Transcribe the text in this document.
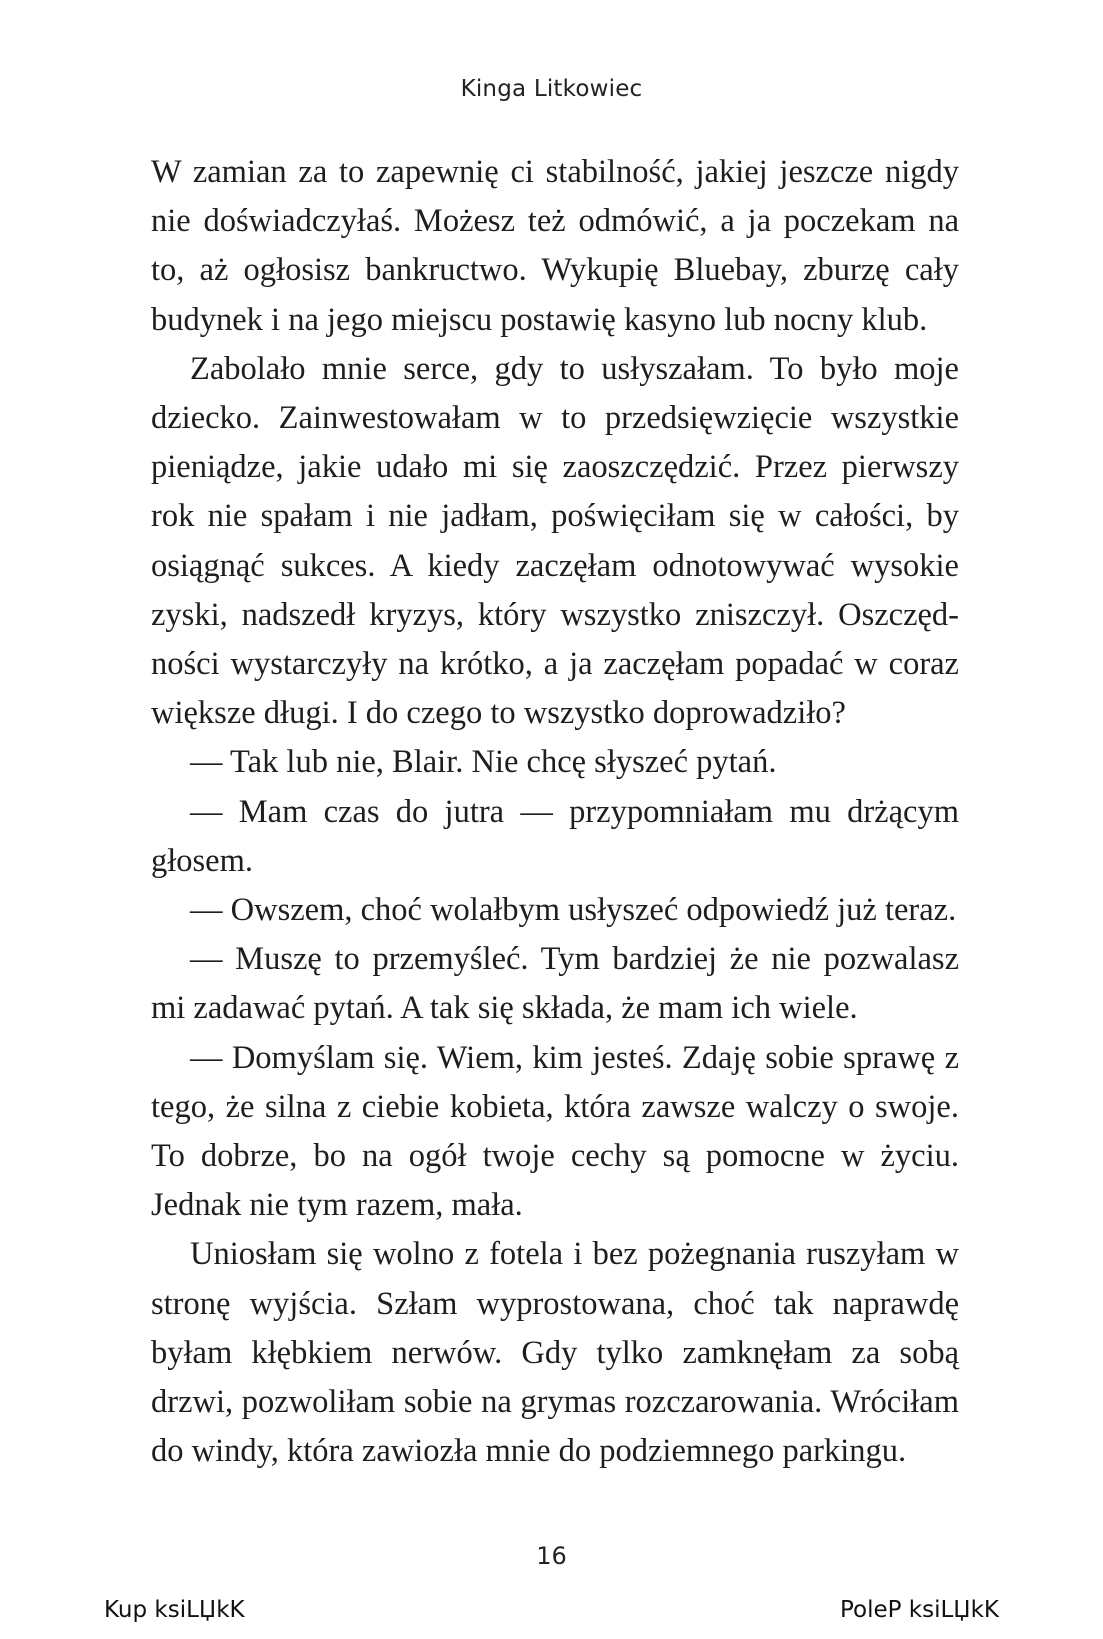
Kinga Litkowiec

W zamian za to zapewnię ci stabilność, jakiej jeszcze nigdy nie doświadczyłaś. Możesz też odmówić, a ja poczekam na to, aż ogłosisz bankructwo. Wykupię Bluebay, zburzę cały budynek i na jego miejscu postawię kasyno lub nocny klub.

Zabolało mnie serce, gdy to usłyszałam. To było moje dziecko. Zainwestowałam w to przedsięwzięcie wszystkie pieniądze, jakie udało mi się zaoszczędzić. Przez pierwszy rok nie spałam i nie jadłam, poświęciłam się w całości, by osiągnąć sukces. A kiedy zaczęłam odnotowywać wysokie zyski, nadszedł kryzys, który wszystko zniszczył. Oszczędności wystarczyły na krótko, a ja zaczęłam popadać w coraz większe długi. I do czego to wszystko doprowadziło?

— Tak lub nie, Blair. Nie chcę słyszeć pytań.

— Mam czas do jutra — przypomniałam mu drżącym głosem.

— Owszem, choć wolałbym usłyszeć odpowiedź już teraz.

— Muszę to przemyśleć. Tym bardziej że nie pozwalasz mi zadawać pytań. A tak się składa, że mam ich wiele.

— Domyślam się. Wiem, kim jesteś. Zdaję sobie sprawę z tego, że silna z ciebie kobieta, która zawsze walczy o swoje. To dobrze, bo na ogół twoje cechy są pomocne w życiu. Jednak nie tym razem, mała.

Uniosłam się wolno z fotela i bez pożegnania ruszyłam w stronę wyjścia. Szłam wyprostowana, choć tak naprawdę byłam kłębkiem nerwów. Gdy tylko zamknęłam za sobą drzwi, pozwoliłam sobie na grymas rozczarowania. Wróciłam do windy, która zawiozła mnie do podziemnego parkingu.

16
Kup ksiLЏkK	PoleP ksiLЏkK
